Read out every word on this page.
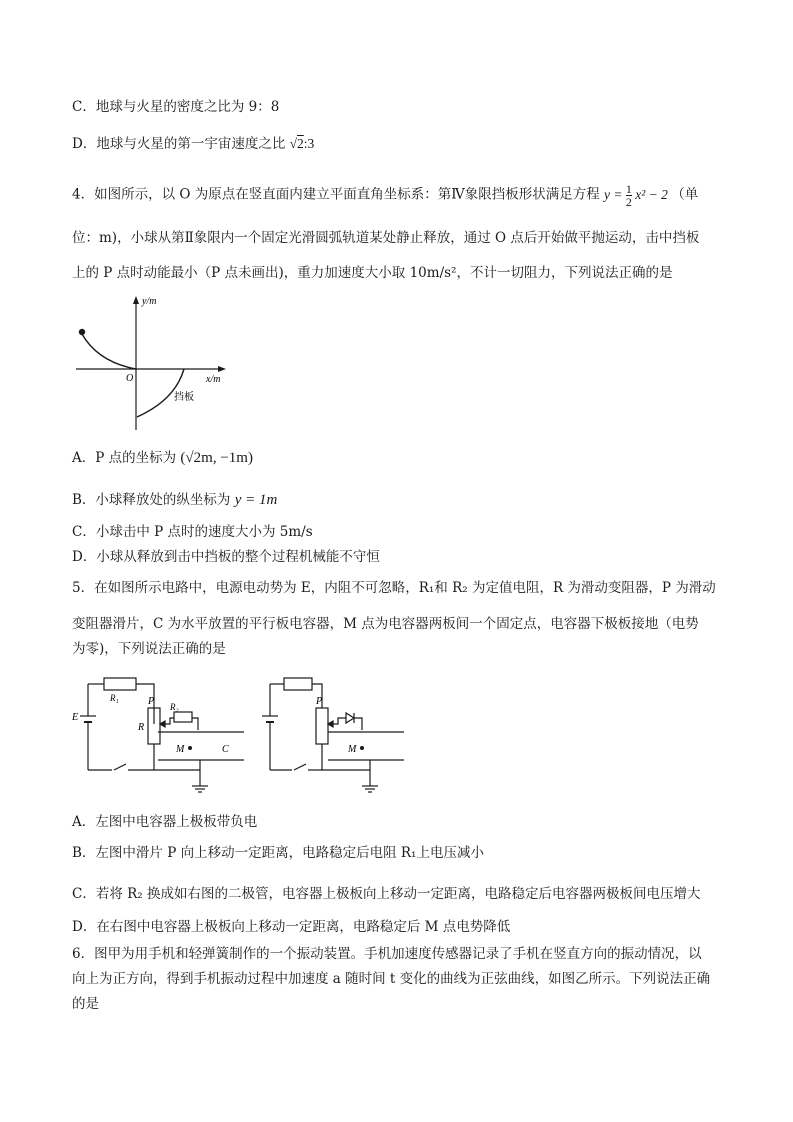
C．地球与火星的密度之比为 9：8
D．地球与火星的第一宇宙速度之比 √2:3
4．如图所示，以 O 为原点在竖直面内建立平面直角坐标系：第Ⅳ象限挡板形状满足方程 $y = \frac{1}{2} x^2 - 2$ （单
位：m)，小球从第Ⅱ象限内一个固定光滑圆弧轨道某处静止释放，通过 O 点后开始做平抛运动，击中挡板
上的 P 点时动能最小（P 点未画出)，重力加速度大小取 10m/s²，不计一切阻力，下列说法正确的是
y/m
x/m
O
挡板
A．P 点的坐标为 (√2m, −1m)
B．小球释放处的纵坐标为 y = 1m
C．小球击中 P 点时的速度大小为 5m/s
D．小球从释放到击中挡板的整个过程机械能不守恒
5．在如图所示电路中，电源电动势为 E，内阻不可忽略，R₁和 R₂ 为定值电阻，R 为滑动变阻器，P 为滑动
变阻器滑片，C 为水平放置的平行板电容器，M 点为电容器两板间一个固定点，电容器下极板接地（电势
为零)，下列说法正确的是
E
R₁
R
P R₂
M	C
P
M
A．左图中电容器上极板带负电
B．左图中滑片 P 向上移动一定距离，电路稳定后电阻 R₁上电压减小
C．若将 R₂ 换成如右图的二极管，电容器上极板向上移动一定距离，电路稳定后电容器两极板间电压增大
D．在右图中电容器上极板向上移动一定距离，电路稳定后 M 点电势降低
6．图甲为用手机和轻弹簧制作的一个振动装置。手机加速度传感器记录了手机在竖直方向的振动情况，以
向上为正方向，得到手机振动过程中加速度 a 随时间 t 变化的曲线为正弦曲线，如图乙所示。下列说法正确
的是
